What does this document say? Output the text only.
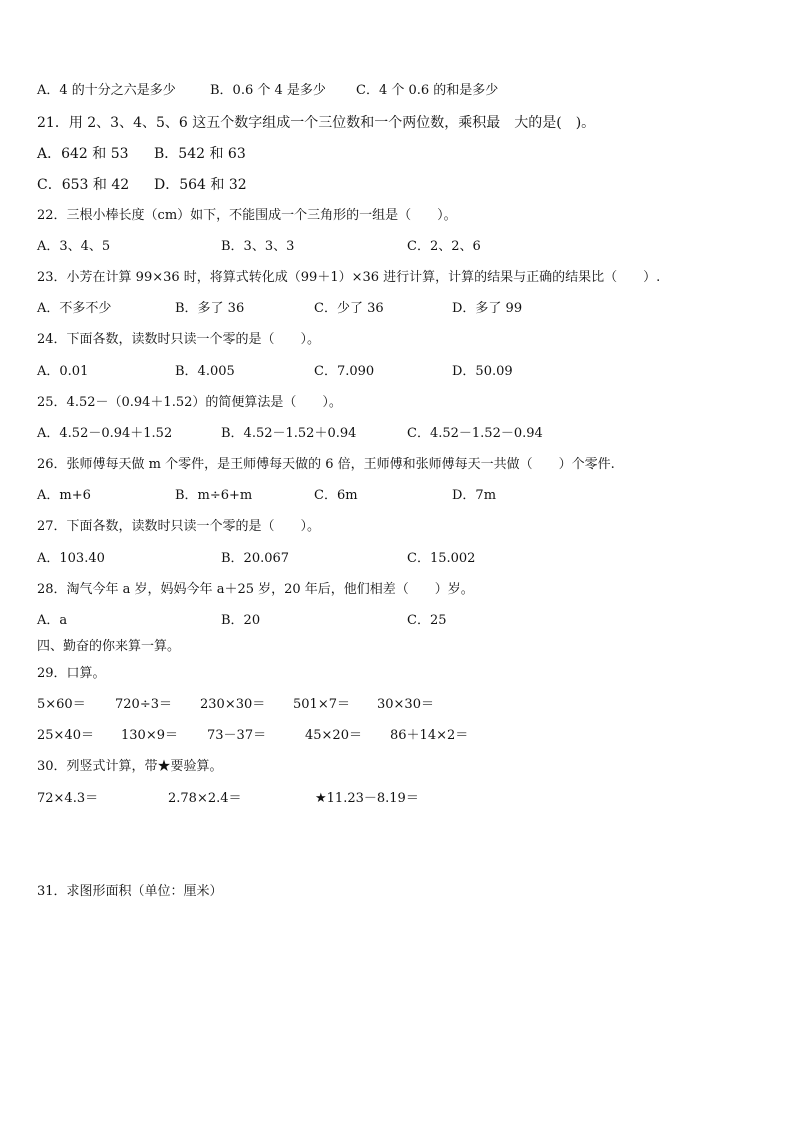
A．4 的十分之六是多少	B．0.6 个 4 是多少 C．4 个 0.6 的和是多少
21．用 2、3、4、5、6 这五个数字组成一个三位数和一个两位数，乘积最　大的是(　)。
A．642 和 53 B．542 和 63
C．653 和 42 D．564 和 32
22．三根小棒长度（cm）如下，不能围成一个三角形的一组是（　　）。
A．3、4、5	B．3、3、3	C．2、2、6
23．小芳在计算 99×36 时，将算式转化成（99＋1）×36 进行计算，计算的结果与正确的结果比（　　）.
A．不多不少	B．多了 36	C．少了 36	D．多了 99
24．下面各数，读数时只读一个零的是（　　）。
A．0.01	B．4.005	C．7.090	D．50.09
25．4.52－（0.94＋1.52）的简便算法是（　　）。
A．4.52－0.94＋1.52	B．4.52－1.52＋0.94	C．4.52－1.52－0.94
26．张师傅每天做 m 个零件，是王师傅每天做的 6 倍，王师傅和张师傅每天一共做（　　）个零件.
A．m+6	B．m÷6+m	C．6m	D．7m
27．下面各数，读数时只读一个零的是（　　）。
A．103.40	B．20.067	C．15.002
28．淘气今年 a 岁，妈妈今年 a＋25 岁，20 年后，他们相差（　　）岁。
A．a	B．20	C．25
四、勤奋的你来算一算。
29．口算。
5×60＝ 720÷3＝ 230×30＝ 501×7＝ 30×30＝
25×40＝ 130×9＝ 73－37＝	45×20＝ 86＋14×2＝
30．列竖式计算，带★要验算。
72×4.3＝	2.78×2.4＝	★11.23－8.19＝
31．求图形面积（单位：厘米）
